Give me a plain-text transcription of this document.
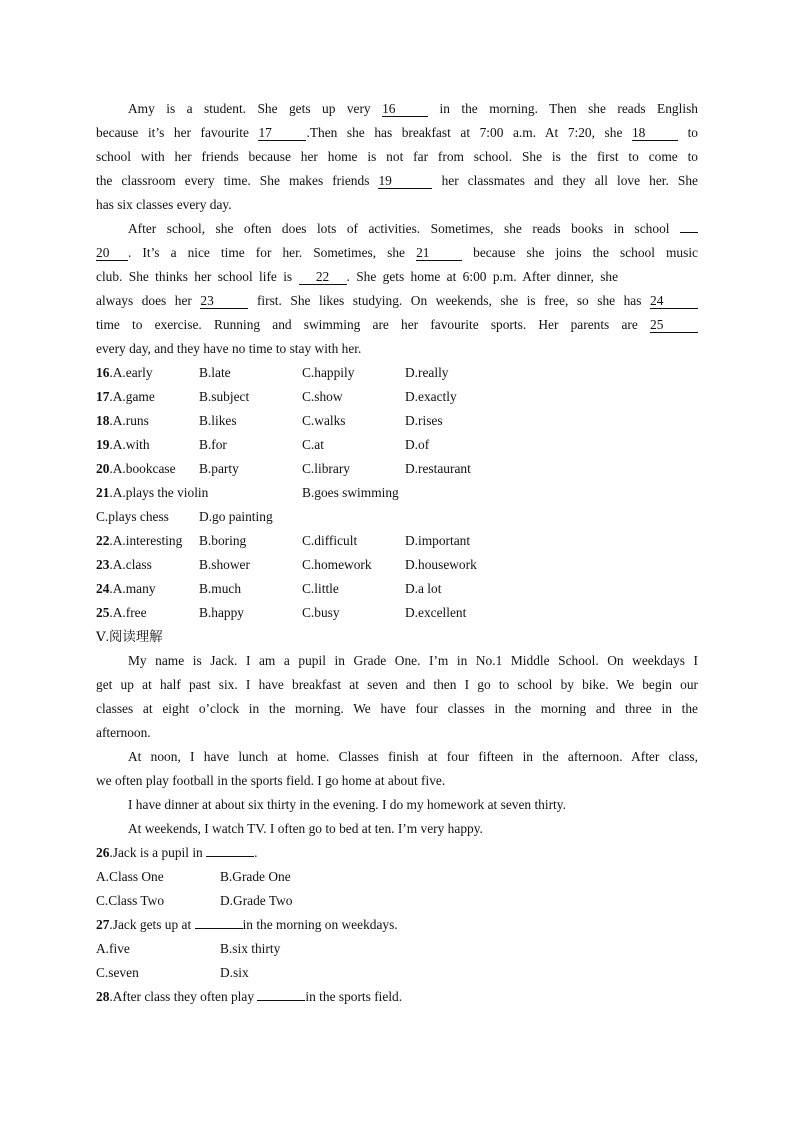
Amy is a student. She gets up very 16	in the morning. Then she reads English
because it’s her favourite 17	.Then she has breakfast at 7:00 a.m. At 7:20, she 18	to
school with her friends because her home is not far from school. She is the first to come to
the classroom every time. She makes friends 19	her classmates and they all love her. She
has six classes every day.
After school, she often does lots of activities. Sometimes, she reads books in school
20 . It’s a nice time for her. Sometimes, she 21	because she joins the school music
club. She thinks her school life is 22 . She gets home at 6:00 p.m. After dinner, she
always does her 23	first. She likes studying. On weekends, she is free, so she has 24
time to exercise. Running and swimming are her favourite sports. Her parents are 25
every day, and they have no time to stay with her.
16.A.early	B.late	C.happily	D.really
17.A.game	B.subject	C.show	D.exactly
18.A.runs	B.likes	C.walks	D.rises
19.A.with	B.for	C.at	D.of
20.A.bookcase B.party	C.library	D.restaurant
21.A.plays the violin	B.goes swimming
C.plays chess D.go painting
22.A.interesting B.boring	C.difficult	D.important
23.A.class	B.shower	C.homework D.housework
24.A.many	B.much	C.little	D.a lot
25.A.free	B.happy	C.busy	D.excellent
Ⅴ.阅读理解
My name is Jack. I am a pupil in Grade One. I’m in No.1 Middle School. On weekdays I
get up at half past six. I have breakfast at seven and then I go to school by bike. We begin our
classes at eight o’clock in the morning. We have four classes in the morning and three in the
afternoon.
At noon, I have lunch at home. Classes finish at four fifteen in the afternoon. After class,
we often play football in the sports field. I go home at about five.
I have dinner at about six thirty in the evening. I do my homework at seven thirty.
At weekends, I watch TV. I often go to bed at ten. I’m very happy.
26.Jack is a pupil in	.
A.Class One	B.Grade One
C.Class Two	D.Grade Two
27.Jack gets up at	in the morning on weekdays.
A.five	B.six thirty
C.seven	D.six
28.After class they often play	in the sports field.
